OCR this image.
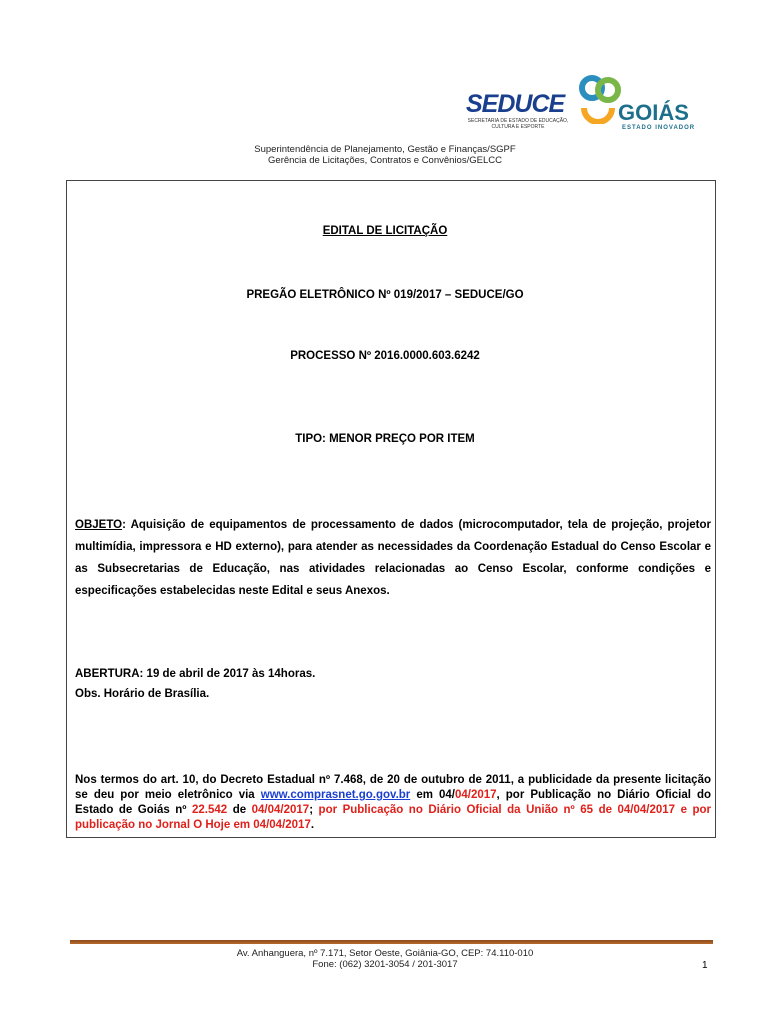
SEDUCE
SECRETARIA DE ESTADO DE EDUCAÇÃO,
CULTURA E ESPORTE
GOIÁS
ESTADO INOVADOR
Superintendência de Planejamento, Gestão e Finanças/SGPF
Gerência de Licitações, Contratos e Convênios/GELCC
EDITAL DE LICITAÇÃO
PREGÃO ELETRÔNICO Nº 019/2017 – SEDUCE/GO
PROCESSO Nº 2016.0000.603.6242
TIPO: MENOR PREÇO POR ITEM
OBJETO: Aquisição de equipamentos de processamento de dados (microcomputador, tela de projeção, projetor multimídia, impressora e HD externo), para atender as necessidades da Coordenação Estadual do Censo Escolar e as Subsecretarias de Educação, nas atividades relacionadas ao Censo Escolar, conforme condições e especificações estabelecidas neste Edital e seus Anexos.
ABERTURA: 19 de abril de 2017 às 14horas.
Obs. Horário de Brasília.
Nos termos do art. 10, do Decreto Estadual nº 7.468, de 20 de outubro de 2011, a publicidade da presente licitação se deu por meio eletrônico via www.comprasnet.go.gov.br em 04/04/2017, por Publicação no Diário Oficial do Estado de Goiás nº 22.542 de 04/04/2017; por Publicação no Diário Oficial da União nº 65 de 04/04/2017 e por publicação no Jornal O Hoje em 04/04/2017.
Av. Anhanguera, nº 7.171, Setor Oeste, Goiânia-GO, CEP: 74.110-010
Fone: (062) 3201-3054 / 201-3017	1
